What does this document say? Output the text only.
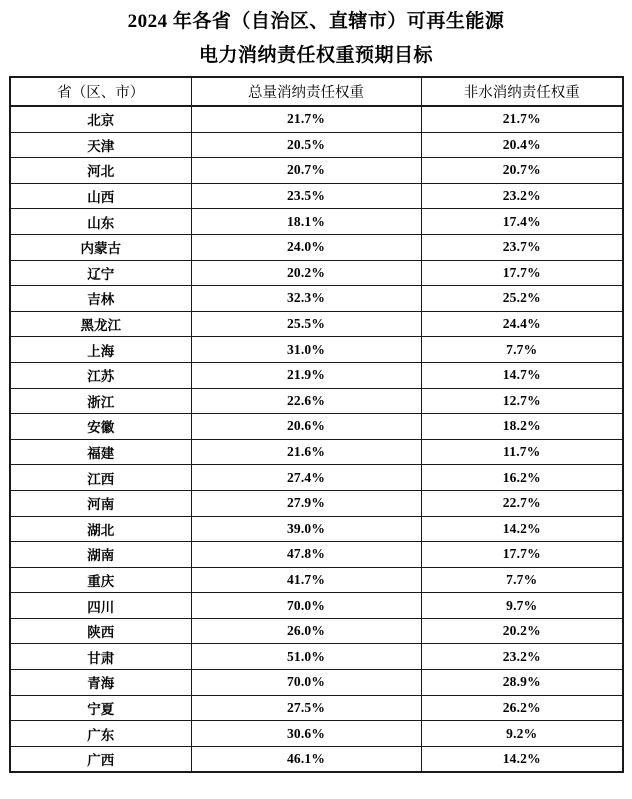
2024 年各省（自治区、直辖市）可再生能源
电力消纳责任权重预期目标
省（区、市）	总量消纳责任权重	非水消纳责任权重
北京	21.7%	21.7%
天津	20.5%	20.4%
河北	20.7%	20.7%
山西	23.5%	23.2%
山东	18.1%	17.4%
内蒙古	24.0%	23.7%
辽宁	20.2%	17.7%
吉林	32.3%	25.2%
黑龙江	25.5%	24.4%
上海	31.0%	7.7%
江苏	21.9%	14.7%
浙江	22.6%	12.7%
安徽	20.6%	18.2%
福建	21.6%	11.7%
江西	27.4%	16.2%
河南	27.9%	22.7%
湖北	39.0%	14.2%
湖南	47.8%	17.7%
重庆	41.7%	7.7%
四川	70.0%	9.7%
陕西	26.0%	20.2%
甘肃	51.0%	23.2%
青海	70.0%	28.9%
宁夏	27.5%	26.2%
广东	30.6%	9.2%
广西	46.1%	14.2%
